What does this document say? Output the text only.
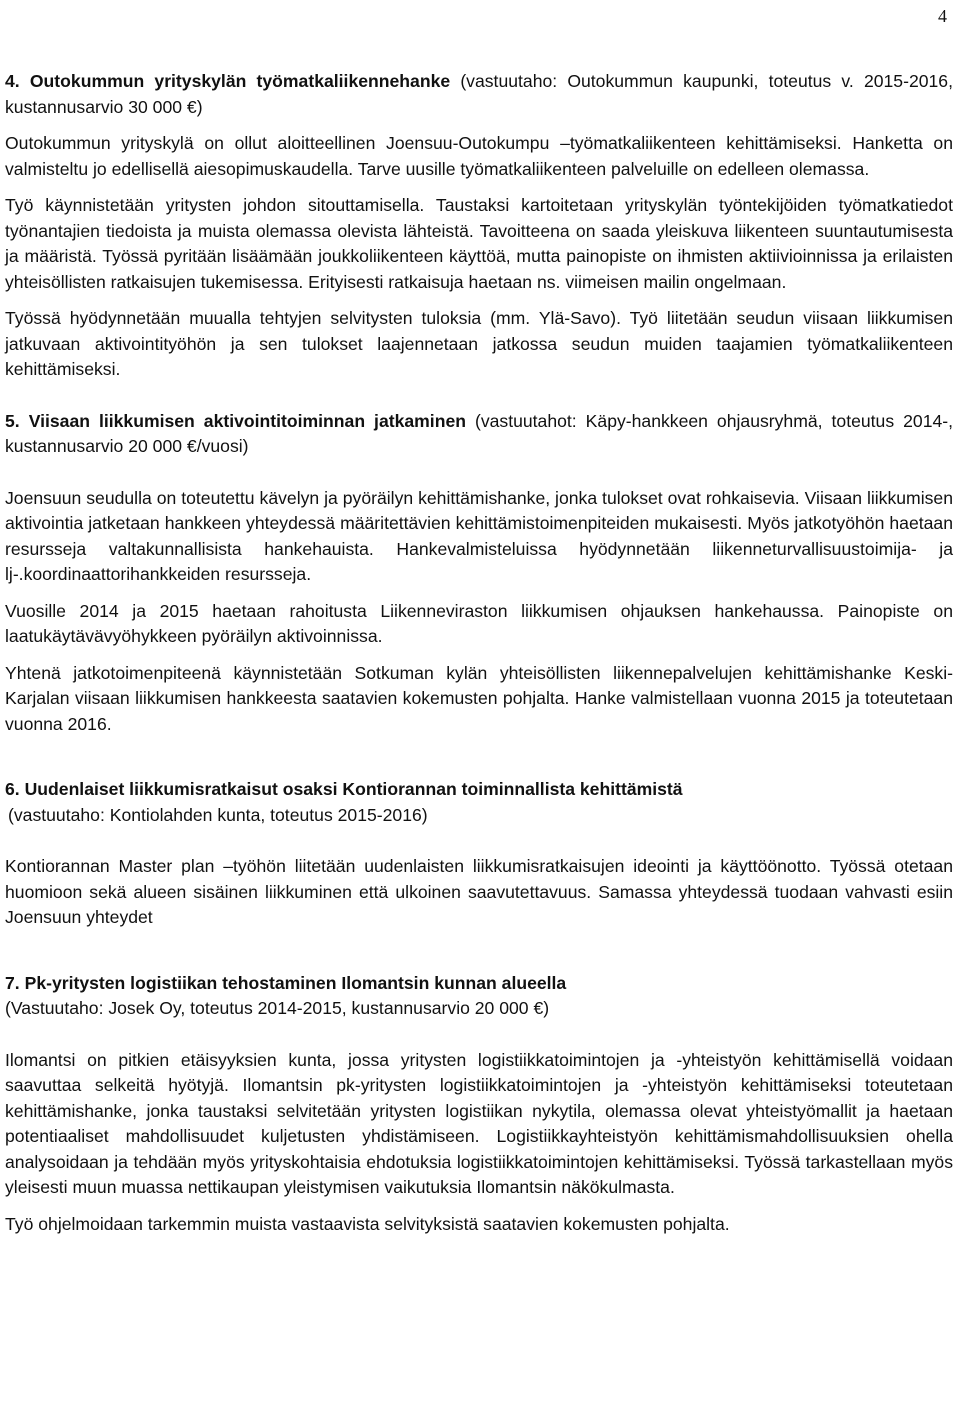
4

4. Outokummun yrityskylän työmatkaliikennehanke (vastuutaho: Outokummun kaupunki, toteutus v. 2015-2016, kustannusarvio 30 000 €)

Outokummun yrityskylä on ollut aloitteellinen Joensuu-Outokumpu –työmatkaliikenteen kehittämiseksi. Hanketta on valmisteltu jo edellisellä aiesopimuskaudella. Tarve uusille työmatkaliikenteen palveluille on edelleen olemassa.

Työ käynnistetään yritysten johdon sitouttamisella. Taustaksi kartoitetaan yrityskylän työntekijöiden työmatkatiedot työnantajien tiedoista ja muista olemassa olevista lähteistä. Tavoitteena on saada yleiskuva liikenteen suuntautumisesta ja määristä. Työssä pyritään lisäämään joukkoliikenteen käyttöä, mutta painopiste on ihmisten aktiivioinnissa ja erilaisten yhteisöllisten ratkaisujen tukemisessa. Erityisesti ratkaisuja haetaan ns. viimeisen mailin ongelmaan.

Työssä hyödynnetään muualla tehtyjen selvitysten tuloksia (mm. Ylä-Savo). Työ liitetään seudun viisaan liikkumisen jatkuvaan aktivointityöhön ja sen tulokset laajennetaan jatkossa seudun muiden taajamien työmatkaliikenteen kehittämiseksi.

5. Viisaan liikkumisen aktivointitoiminnan jatkaminen (vastuutahot: Käpy-hankkeen ohjausryhmä, toteutus 2014-, kustannusarvio 20 000 €/vuosi)

Joensuun seudulla on toteutettu kävelyn ja pyöräilyn kehittämishanke, jonka tulokset ovat rohkaisevia. Viisaan liikkumisen aktivointia jatketaan hankkeen yhteydessä määritettävien kehittämistoimenpiteiden mukaisesti. Myös jatkotyöhön haetaan resursseja valtakunnallisista hankehauista. Hankevalmisteluissa hyödynnetään liikenneturvallisuustoimija- ja lj-.koordinaattorihankkeiden resursseja.

Vuosille 2014 ja 2015 haetaan rahoitusta Liikenneviraston liikkumisen ohjauksen hankehaussa. Painopiste on laatukäytävävyöhykkeen pyöräilyn aktivoinnissa.

Yhtenä jatkotoimenpiteenä käynnistetään Sotkuman kylän yhteisöllisten liikennepalvelujen kehittämishanke Keski-Karjalan viisaan liikkumisen hankkeesta saatavien kokemusten pohjalta. Hanke valmistellaan vuonna 2015 ja toteutetaan vuonna 2016.

6. Uudenlaiset liikkumisratkaisut osaksi Kontiorannan toiminnallista kehittämistä

(vastuutaho: Kontiolahden kunta, toteutus 2015-2016)

Kontiorannan Master plan –työhön liitetään uudenlaisten liikkumisratkaisujen ideointi ja käyttöönotto. Työssä otetaan huomioon sekä alueen sisäinen liikkuminen että ulkoinen saavutettavuus. Samassa yhteydessä tuodaan vahvasti esiin Joensuun yhteydet

7. Pk-yritysten logistiikan tehostaminen Ilomantsin kunnan alueella

(Vastuutaho: Josek Oy, toteutus 2014-2015, kustannusarvio 20 000 €)

Ilomantsi on pitkien etäisyyksien kunta, jossa yritysten logistiikkatoimintojen ja -yhteistyön kehittämisellä voidaan saavuttaa selkeitä hyötyjä. Ilomantsin pk-yritysten logistiikkatoimintojen ja -yhteistyön kehittämiseksi toteutetaan kehittämishanke, jonka taustaksi selvitetään yritysten logistiikan nykytila, olemassa olevat yhteistyömallit ja haetaan potentiaaliset mahdollisuudet kuljetusten yhdistämiseen. Logistiikkayhteistyön kehittämismahdollisuuksien ohella analysoidaan ja tehdään myös yrityskohtaisia ehdotuksia logistiikkatoimintojen kehittämiseksi. Työssä tarkastellaan myös yleisesti muun muassa nettikaupan yleistymisen vaikutuksia Ilomantsin näkökulmasta.

Työ ohjelmoidaan tarkemmin muista vastaavista selvityksistä saatavien kokemusten pohjalta.
